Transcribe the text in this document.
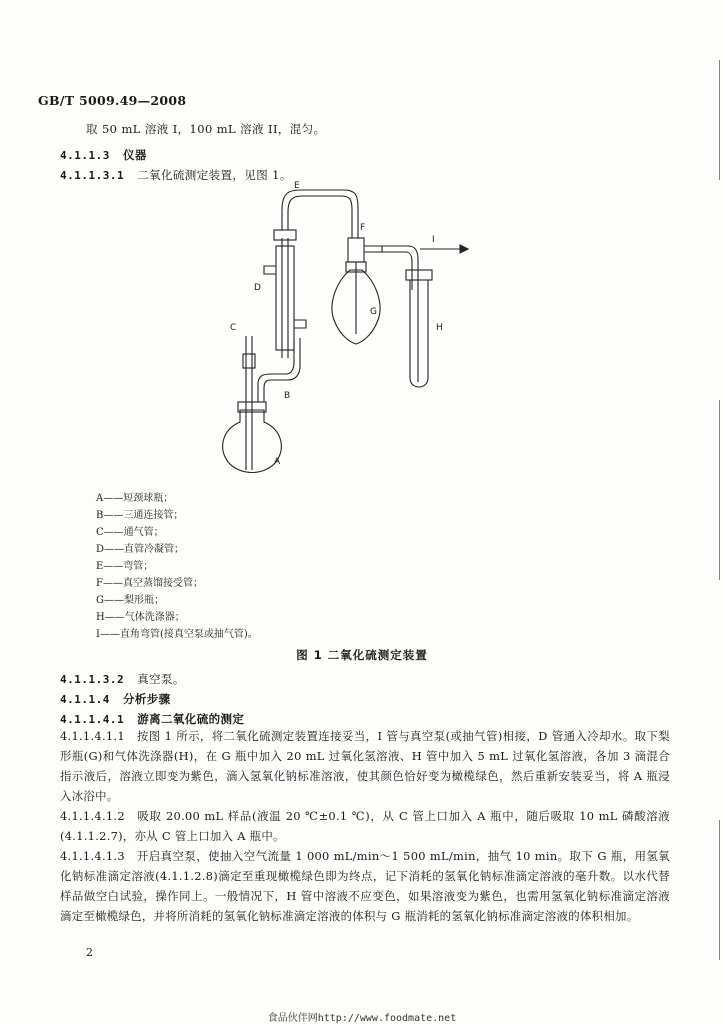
GB/T 5009.49—2008
取 50 mL 溶液 I，100 mL 溶液 II，混匀。
4.1.1.3 仪器
4.1.1.3.1 二氧化硫测定装置，见图 1。
A
B
C
D
E
F
G
H
I
A——短颈球瓶；
B——三通连接管；
C——通气管；
D——直管冷凝管；
E——弯管；
F——真空蒸馏接受管；
G——梨形瓶；
H——气体洗涤器；
I——直角弯管(接真空泵或抽气管)。
图 1 二氧化硫测定装置
4.1.1.3.2 真空泵。
4.1.1.4 分析步骤
4.1.1.4.1 游离二氧化硫的测定
4.1.1.4.1.1　按图 1 所示，将二氧化硫测定装置连接妥当，I 管与真空泵(或抽气管)相接，D 管通入冷却水。取下梨形瓶(G)和气体洗涤器(H)，在 G 瓶中加入 20 mL 过氧化氢溶液、H 管中加入 5 mL 过氧化氢溶液，各加 3 滴混合指示液后，溶液立即变为紫色，滴入氢氧化钠标准溶液，使其颜色恰好变为橄榄绿色，然后重新安装妥当，将 A 瓶浸入冰浴中。
4.1.1.4.1.2　吸取 20.00 mL 样品(液温 20 ℃±0.1 ℃)，从 C 管上口加入 A 瓶中，随后吸取 10 mL 磷酸溶液(4.1.1.2.7)，亦从 C 管上口加入 A 瓶中。
4.1.1.4.1.3　开启真空泵，使抽入空气流量 1 000 mL/min～1 500 mL/min，抽气 10 min。取下 G 瓶，用氢氧化钠标准滴定溶液(4.1.1.2.8)滴定至重现橄榄绿色即为终点，记下消耗的氢氧化钠标准滴定溶液的毫升数。以水代替样品做空白试验，操作同上。一般情况下，H 管中溶液不应变色，如果溶液变为紫色，也需用氢氧化钠标准滴定溶液滴定至橄榄绿色，并将所消耗的氢氧化钠标准滴定溶液的体积与 G 瓶消耗的氢氧化钠标准滴定溶液的体积相加。
2
食品伙伴网http://www.foodmate.net
